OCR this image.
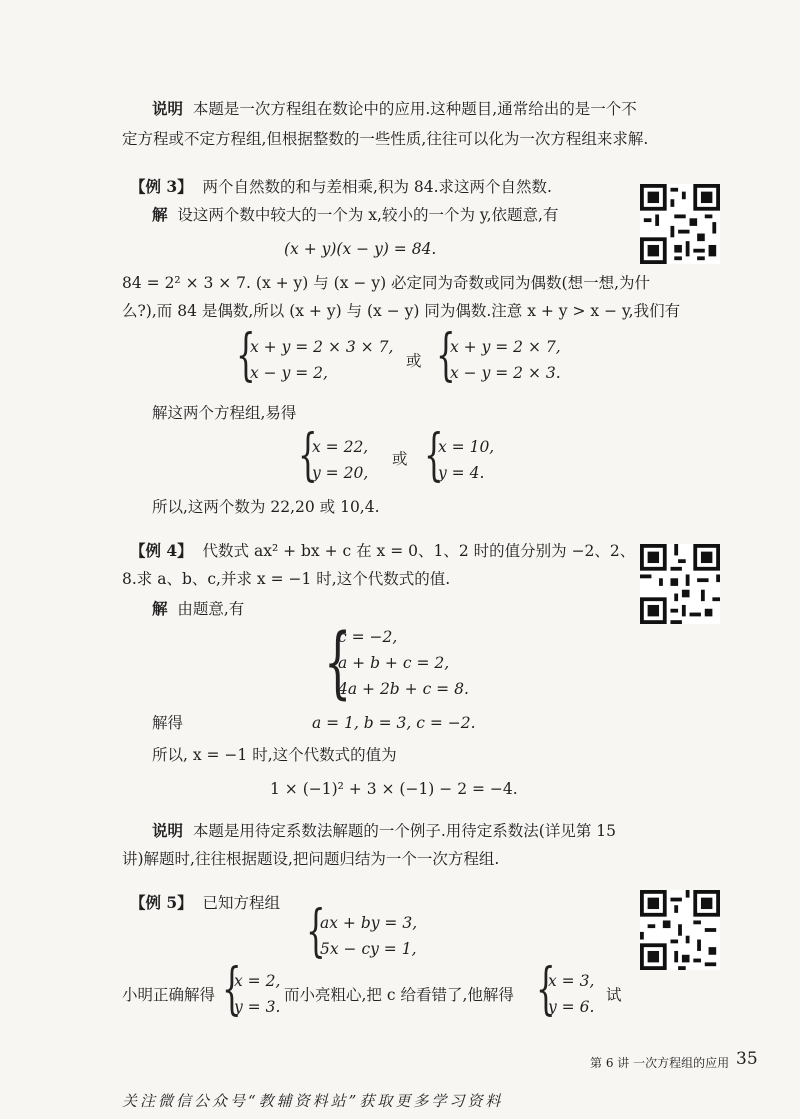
说明 本题是一次方程组在数论中的应用.这种题目,通常给出的是一个不
定方程或不定方程组,但根据整数的一些性质,往往可以化为一次方程组来求解.
【例 3】 两个自然数的和与差相乘,积为 84.求这两个自然数.
解 设这两个数中较大的一个为 x,较小的一个为 y,依题意,有
(x + y)(x − y) = 84.
84 = 2² × 3 × 7. (x + y) 与 (x − y) 必定同为奇数或同为偶数(想一想,为什
么?),而 84 是偶数,所以 (x + y) 与 (x − y) 同为偶数.注意 x + y > x − y,我们有
{
x + y = 2 × 3 × 7,
x − y = 2,
或 {
x + y = 2 × 7,
x − y = 2 × 3.
解这两个方程组,易得
{
x = 22,
y = 20,
或 {
x = 10,
y = 4.
所以,这两个数为 22,20 或 10,4.
【例 4】 代数式 ax² + bx + c 在 x = 0、1、2 时的值分别为 −2、2、
8.求 a、b、c,并求 x = −1 时,这个代数式的值.
解 由题意,有
{
c = −2,
a + b + c = 2,
4a + 2b + c = 8.
解得	a = 1, b = 3, c = −2.
所以, x = −1 时,这个代数式的值为
1 × (−1)² + 3 × (−1) − 2 = −4.
说明 本题是用待定系数法解题的一个例子.用待定系数法(详见第 15
讲)解题时,往往根据题设,把问题归结为一个一次方程组.
【例 5】 已知方程组 {
ax + by = 3,
5x − cy = 1,
小明正确解得 {
x = 2,
y = 3.
而小亮粗心,把 c 给看错了,他解得 {
x = 3,
y = 6.
试
第 6 讲 一次方程组的应用 35
关注微信公众号“教辅资料站”获取更多学习资料
